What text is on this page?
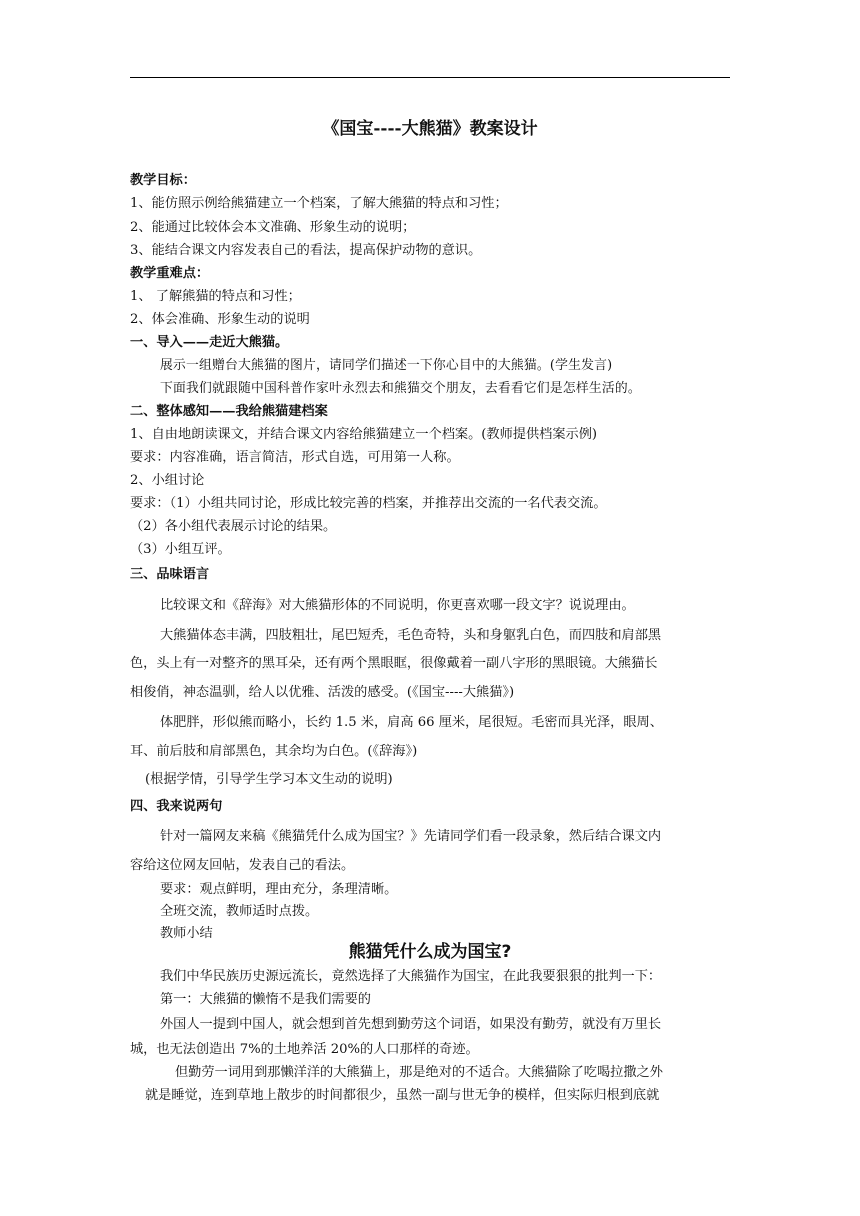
《国宝----大熊猫》教案设计
教学目标：
1、能仿照示例给熊猫建立一个档案，了解大熊猫的特点和习性；
2、能通过比较体会本文准确、形象生动的说明；
3、能结合课文内容发表自己的看法，提高保护动物的意识。
教学重难点：
1、 了解熊猫的特点和习性；
2、体会准确、形象生动的说明
一、导入——走近大熊猫。
展示一组赠台大熊猫的图片，请同学们描述一下你心目中的大熊猫。(学生发言)
下面我们就跟随中国科普作家叶永烈去和熊猫交个朋友，去看看它们是怎样生活的。
二、整体感知——我给熊猫建档案
1、自由地朗读课文，并结合课文内容给熊猫建立一个档案。(教师提供档案示例)
要求：内容准确，语言简洁，形式自选，可用第一人称。
2、小组讨论
要求：（1）小组共同讨论，形成比较完善的档案，并推荐出交流的一名代表交流。
（2）各小组代表展示讨论的结果。
（3）小组互评。
三、品味语言
比较课文和《辞海》对大熊猫形体的不同说明，你更喜欢哪一段文字？说说理由。
大熊猫体态丰满，四肢粗壮，尾巴短秃，毛色奇特，头和身躯乳白色，而四肢和肩部黑
色，头上有一对整齐的黑耳朵，还有两个黑眼眶，很像戴着一副八字形的黑眼镜。大熊猫长
相俊俏，神态温驯，给人以优雅、活泼的感受。(《国宝----大熊猫》)
体肥胖，形似熊而略小，长约 1.5 米，肩高 66 厘米，尾很短。毛密而具光泽，眼周、
耳、前后肢和肩部黑色，其余均为白色。(《辞海》)
(根据学情，引导学生学习本文生动的说明)
四、我来说两句
针对一篇网友来稿《熊猫凭什么成为国宝？》先请同学们看一段录象，然后结合课文内
容给这位网友回帖，发表自己的看法。
要求：观点鲜明，理由充分，条理清晰。
全班交流，教师适时点拨。
教师小结
熊猫凭什么成为国宝?
我们中华民族历史源远流长，竟然选择了大熊猫作为国宝，在此我要狠狠的批判一下：
第一：大熊猫的懒惰不是我们需要的
外国人一提到中国人，就会想到首先想到勤劳这个词语，如果没有勤劳，就没有万里长
城，也无法创造出 7%的土地养活 20%的人口那样的奇迹。
但勤劳一词用到那懒洋洋的大熊猫上，那是绝对的不适合。大熊猫除了吃喝拉撒之外
就是睡觉，连到草地上散步的时间都很少，虽然一副与世无争的模样，但实际归根到底就
